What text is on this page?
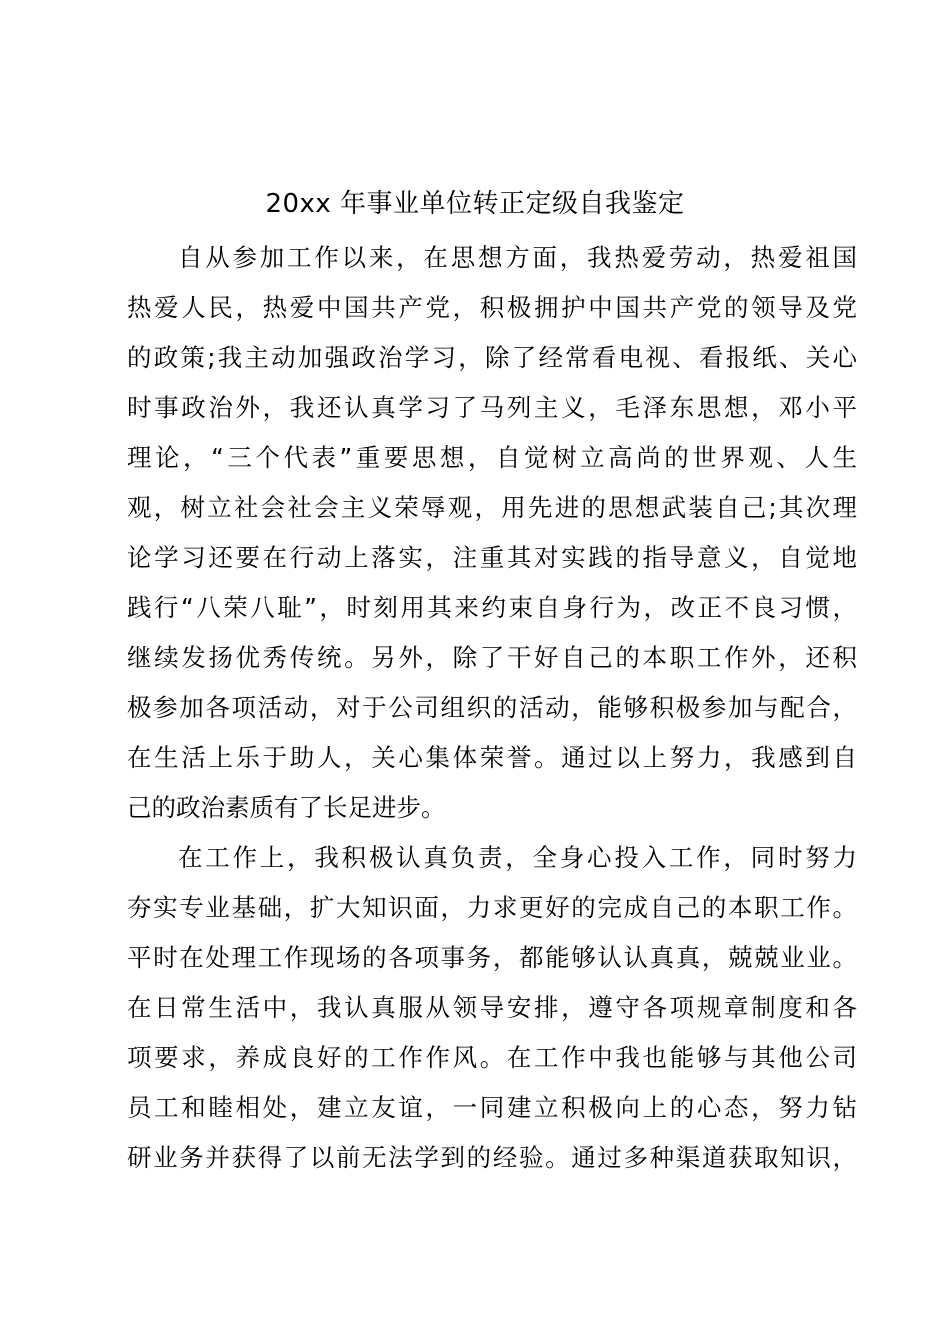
20xx 年事业单位转正定级自我鉴定
自从参加工作以来，在思想方面，我热爱劳动，热爱祖国
热爱人民，热爱中国共产党，积极拥护中国共产党的领导及党
的政策;我主动加强政治学习，除了经常看电视、看报纸、关心
时事政治外，我还认真学习了马列主义，毛泽东思想，邓小平
理论，“三个代表”重要思想，自觉树立高尚的世界观、人生
观，树立社会社会主义荣辱观，用先进的思想武装自己;其次理
论学习还要在行动上落实，注重其对实践的指导意义，自觉地
践行“八荣八耻”，时刻用其来约束自身行为，改正不良习惯，
继续发扬优秀传统。另外，除了干好自己的本职工作外，还积
极参加各项活动，对于公司组织的活动，能够积极参加与配合，
在生活上乐于助人，关心集体荣誉。通过以上努力，我感到自
己的政治素质有了长足进步。
在工作上，我积极认真负责，全身心投入工作，同时努力
夯实专业基础，扩大知识面，力求更好的完成自己的本职工作。
平时在处理工作现场的各项事务，都能够认认真真，兢兢业业。
在日常生活中，我认真服从领导安排，遵守各项规章制度和各
项要求，养成良好的工作作风。在工作中我也能够与其他公司
员工和睦相处，建立友谊，一同建立积极向上的心态，努力钻
研业务并获得了以前无法学到的经验。通过多种渠道获取知识，
